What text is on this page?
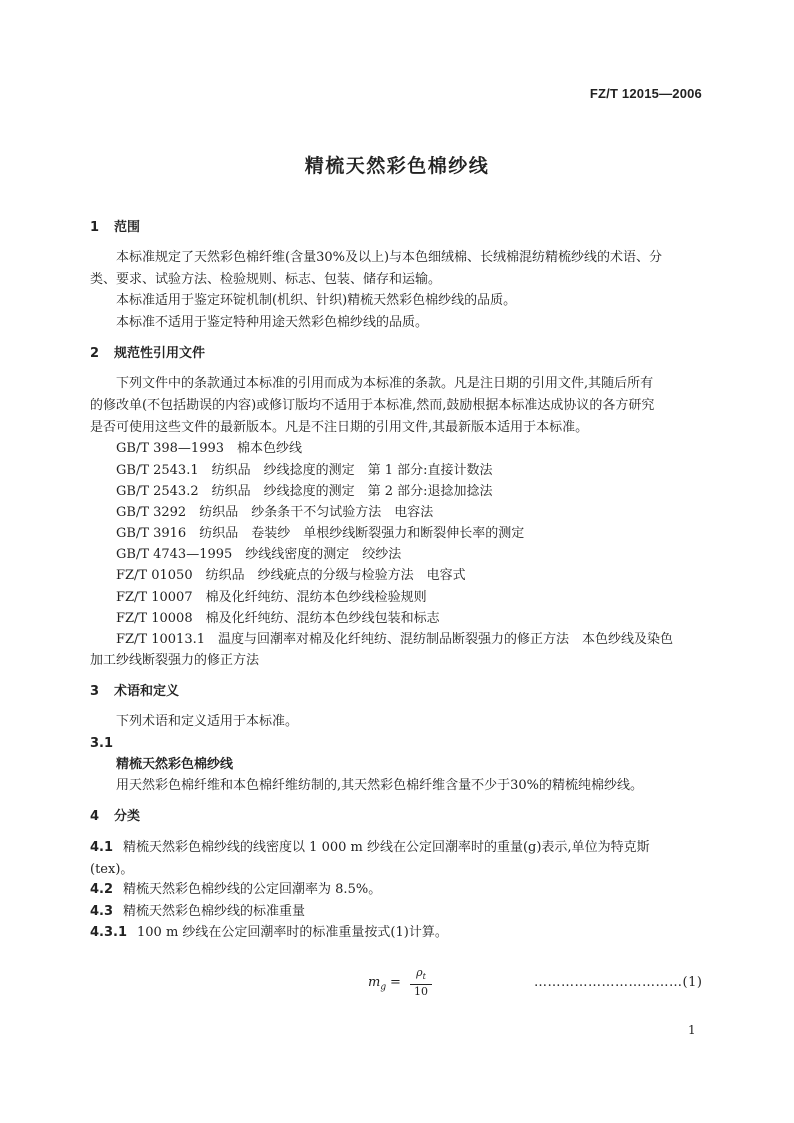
FZ/T 12015—2006
精梳天然彩色棉纱线
1 范围
本标准规定了天然彩色棉纤维(含量30%及以上)与本色细绒棉、长绒棉混纺精梳纱线的术语、分
类、要求、试验方法、检验规则、标志、包装、储存和运输。
本标准适用于鉴定环锭机制(机织、针织)精梳天然彩色棉纱线的品质。
本标准不适用于鉴定特种用途天然彩色棉纱线的品质。
2 规范性引用文件
下列文件中的条款通过本标准的引用而成为本标准的条款。凡是注日期的引用文件,其随后所有
的修改单(不包括勘误的内容)或修订版均不适用于本标准,然而,鼓励根据本标准达成协议的各方研究
是否可使用这些文件的最新版本。凡是不注日期的引用文件,其最新版本适用于本标准。
GB/T 398—1993　棉本色纱线
GB/T 2543.1　纺织品　纱线捻度的测定　第 1 部分:直接计数法
GB/T 2543.2　纺织品　纱线捻度的测定　第 2 部分:退捻加捻法
GB/T 3292　纺织品　纱条条干不匀试验方法　电容法
GB/T 3916　纺织品　卷装纱　单根纱线断裂强力和断裂伸长率的测定
GB/T 4743—1995　纱线线密度的测定　绞纱法
FZ/T 01050　纺织品　纱线疵点的分级与检验方法　电容式
FZ/T 10007　棉及化纤纯纺、混纺本色纱线检验规则
FZ/T 10008　棉及化纤纯纺、混纺本色纱线包装和标志
FZ/T 10013.1　温度与回潮率对棉及化纤纯纺、混纺制品断裂强力的修正方法　本色纱线及染色
加工纱线断裂强力的修正方法
3 术语和定义
下列术语和定义适用于本标准。
3.1
精梳天然彩色棉纱线
用天然彩色棉纤维和本色棉纤维纺制的,其天然彩色棉纤维含量不少于30%的精梳纯棉纱线。
4 分类
4.1 精梳天然彩色棉纱线的线密度以 1 000 m 纱线在公定回潮率时的重量(g)表示,单位为特克斯
(tex)。
4.2 精梳天然彩色棉纱线的公定回潮率为 8.5%。
4.3 精梳天然彩色棉纱线的标准重量
4.3.1 100 m 纱线在公定回潮率时的标准重量按式(1)计算。
$m_g = \frac{\rho_t}{10}$	……………………………(1)
1
